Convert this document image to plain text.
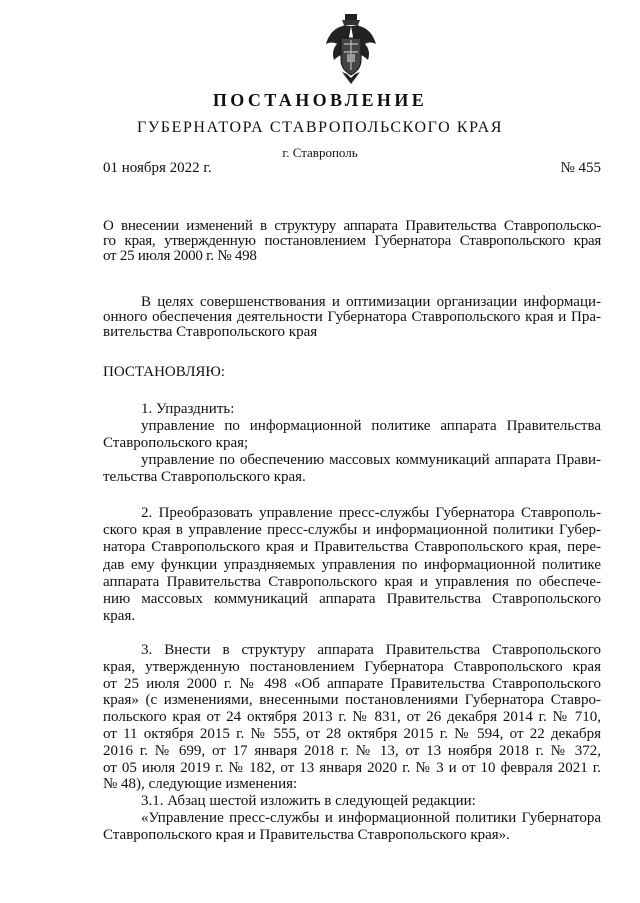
ПОСТАНОВЛЕНИЕ
ГУБЕРНАТОРА СТАВРОПОЛЬСКОГО КРАЯ
г. Ставрополь
01 ноября 2022 г.	№ 455
О внесении изменений в структуру аппарата Правительства Ставропольско-
го края, утвержденную постановлением Губернатора Ставропольского края
от 25 июля 2000 г. № 498
В целях совершенствования и оптимизации организации информаци-
онного обеспечения деятельности Губернатора Ставропольского края и Пра-
вительства Ставропольского края
ПОСТАНОВЛЯЮ:
1. Упразднить:
управление по информационной политике аппарата Правительства
Ставропольского края;
управление по обеспечению массовых коммуникаций аппарата Прави-
тельства Ставропольского края.
2. Преобразовать управление пресс-службы Губернатора Ставрополь-
ского края в управление пресс-службы и информационной политики Губер-
натора Ставропольского края и Правительства Ставропольского края, пере-
дав ему функции упраздняемых управления по информационной политике
аппарата Правительства Ставропольского края и управления по обеспече-
нию массовых коммуникаций аппарата Правительства Ставропольского
края.
3. Внести в структуру аппарата Правительства Ставропольского
края, утвержденную постановлением Губернатора Ставропольского края
от 25 июля 2000 г. № 498 «Об аппарате Правительства Ставропольского
края» (с изменениями, внесенными постановлениями Губернатора Ставро-
польского края от 24 октября 2013 г. № 831, от 26 декабря 2014 г. № 710,
от 11 октября 2015 г. № 555, от 28 октября 2015 г. № 594, от 22 декабря
2016 г. № 699, от 17 января 2018 г. № 13, от 13 ноября 2018 г. № 372,
от 05 июля 2019 г. № 182, от 13 января 2020 г. № 3 и от 10 февраля 2021 г.
№ 48), следующие изменения:
3.1. Абзац шестой изложить в следующей редакции:
«Управление пресс-службы и информационной политики Губернатора
Ставропольского края и Правительства Ставропольского края».
